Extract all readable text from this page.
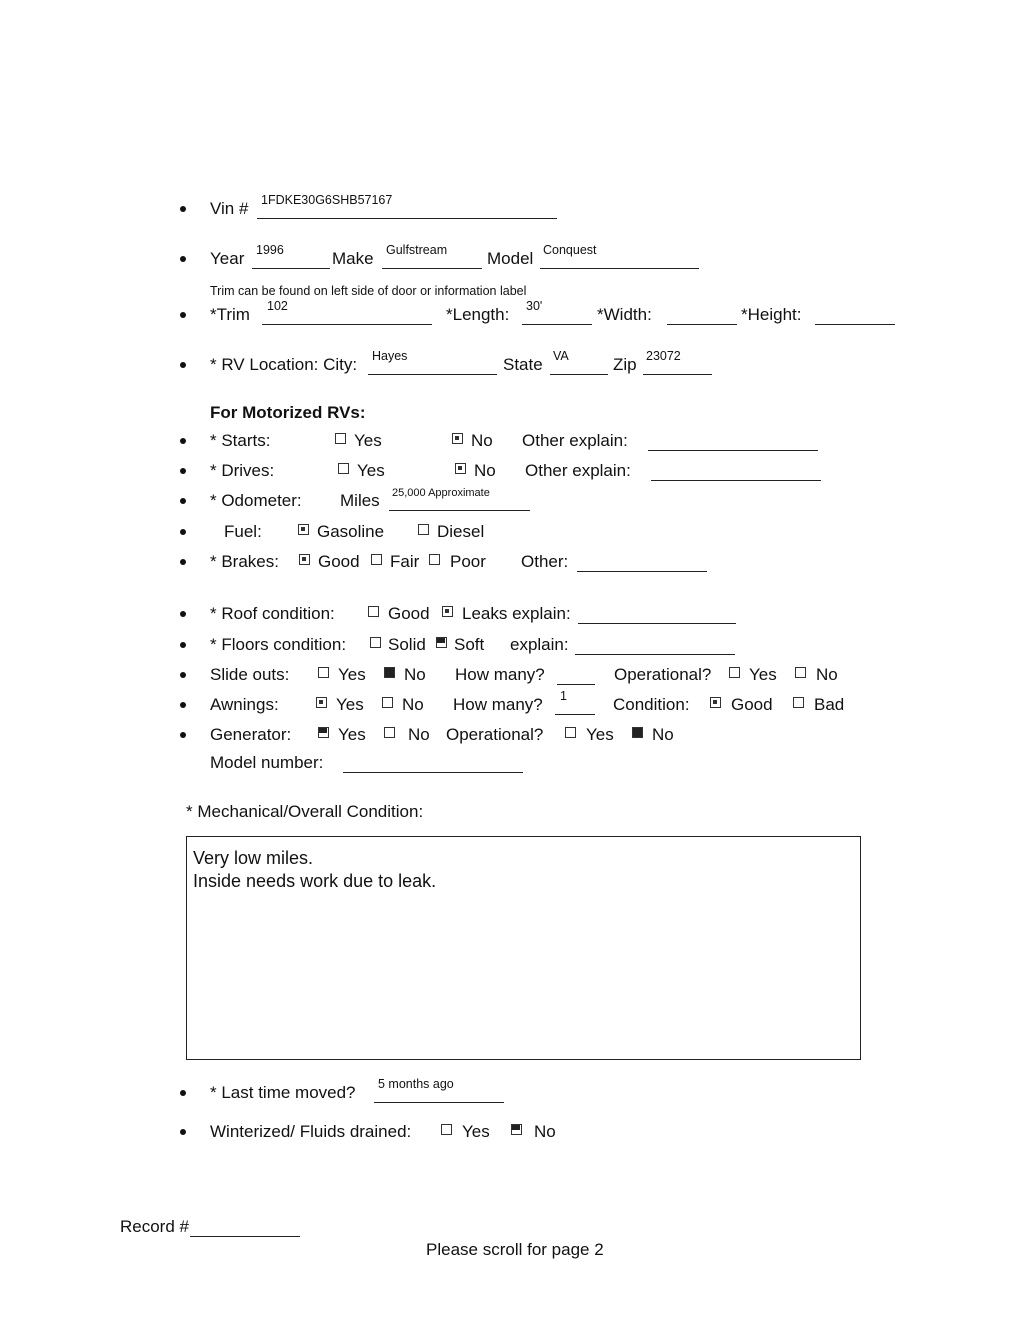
Vin # 1FDKE30G6SHB57167
Year 1996	Make Gulfstream Model Conquest
Trim can be found on left side of door or information label
*Trim 102	*Length: 30'	*Width:	*Height:
* RV Location: City: Hayes	State VA	Zip 23072
For Motorized RVs:
* Starts:	Yes	No Other explain:
* Drives:	Yes	No Other explain:
* Odometer: Miles 25,000 Approximate
Fuel:	Gasoline	Diesel
* Brakes: Good Fair Poor Other:
* Roof condition:	Good Leaks explain:
* Floors condition: Solid Soft explain:
Slide outs:	Yes No How many?	Operational? Yes No
Awnings:	Yes No How many? 1	Condition: Good Bad
Generator:	Yes No Operational?	Yes No
Model number:
* Mechanical/Overall Condition:
Very low miles.
Inside needs work due to leak.
* Last time moved? 5 months ago
Winterized/ Fluids drained:	Yes	No
Record #
Please scroll for page 2
